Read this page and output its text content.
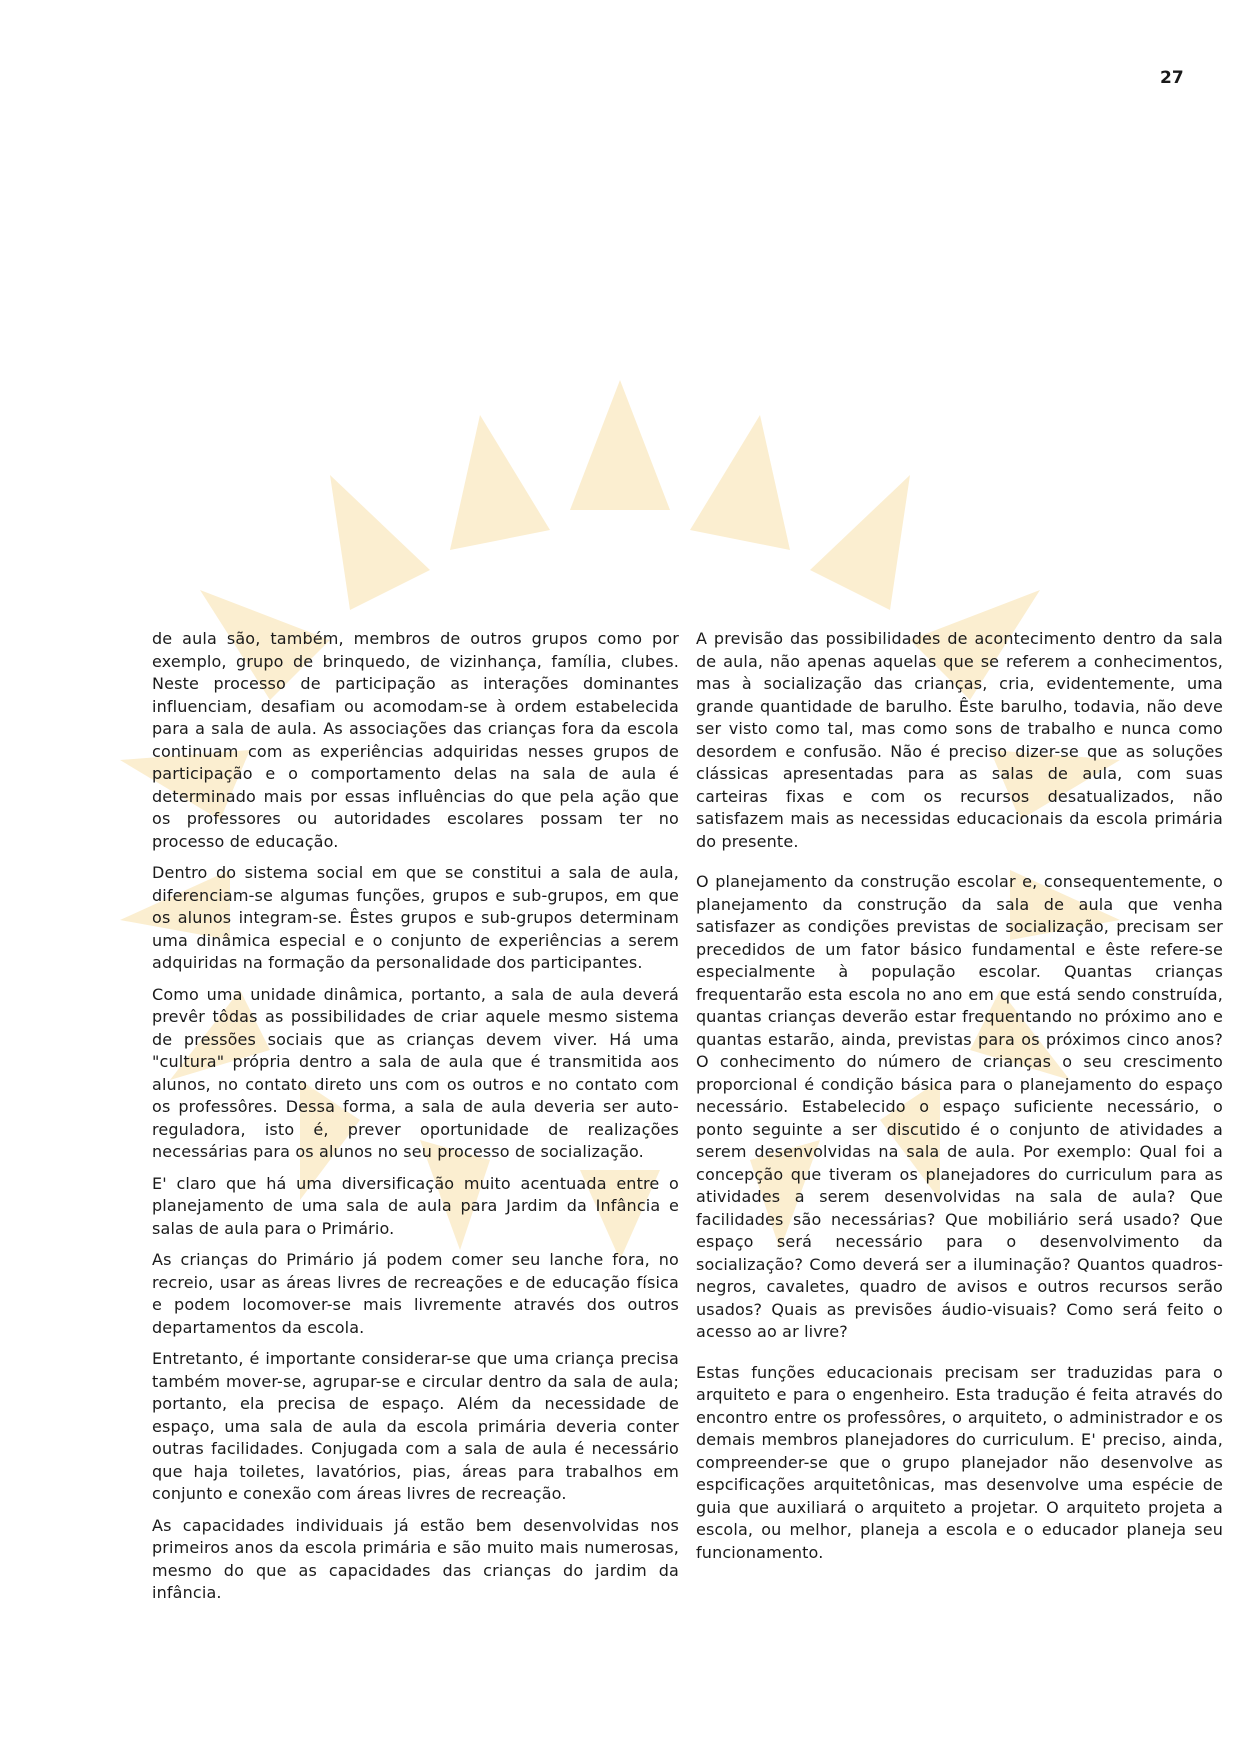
27

de aula são, também, membros de outros grupos como por exemplo, grupo de brinquedo, de vizinhança, família, clubes. Neste processo de participação as interações dominantes influenciam, desafiam ou acomodam-se à ordem estabelecida para a sala de aula. As associações das crianças fora da escola continuam com as experiências adquiridas nesses grupos de participação e o comportamento delas na sala de aula é determinado mais por essas influências do que pela ação que os professores ou autoridades escolares possam ter no processo de educação.

Dentro do sistema social em que se constitui a sala de aula, diferenciam-se algumas funções, grupos e sub-grupos, em que os alunos integram-se. Êstes grupos e sub-grupos determinam uma dinâmica especial e o conjunto de experiências a serem adquiridas na formação da personalidade dos participantes.

Como uma unidade dinâmica, portanto, a sala de aula deverá prevêr tôdas as possibilidades de criar aquele mesmo sistema de pressões sociais que as crianças devem viver. Há uma "cultura" própria dentro a sala de aula que é transmitida aos alunos, no contato direto uns com os outros e no contato com os professôres. Dessa forma, a sala de aula deveria ser auto-reguladora, isto é, prever oportunidade de realizações necessárias para os alunos no seu processo de socialização.

E' claro que há uma diversificação muito acentuada entre o planejamento de uma sala de aula para Jardim da Infância e salas de aula para o Primário.

As crianças do Primário já podem comer seu lanche fora, no recreio, usar as áreas livres de recreações e de educação física e podem locomover-se mais livremente através dos outros departamentos da escola.

Entretanto, é importante considerar-se que uma criança precisa também mover-se, agrupar-se e circular dentro da sala de aula; portanto, ela precisa de espaço. Além da necessidade de espaço, uma sala de aula da escola primária deveria conter outras facilidades. Conjugada com a sala de aula é necessário que haja toiletes, lavatórios, pias, áreas para trabalhos em conjunto e conexão com áreas livres de recreação.

As capacidades individuais já estão bem desenvolvidas nos primeiros anos da escola primária e são muito mais numerosas, mesmo do que as capacidades das crianças do jardim da infância.

A previsão das possibilidades de acontecimento dentro da sala de aula, não apenas aquelas que se referem a conhecimentos, mas à socialização das crianças, cria, evidentemente, uma grande quantidade de barulho. Êste barulho, todavia, não deve ser visto como tal, mas como sons de trabalho e nunca como desordem e confusão. Não é preciso dizer-se que as soluções clássicas apresentadas para as salas de aula, com suas carteiras fixas e com os recursos desatualizados, não satisfazem mais as necessidas educacionais da escola primária do presente.

O planejamento da construção escolar e, consequentemente, o planejamento da construção da sala de aula que venha satisfazer as condições previstas de socialização, precisam ser precedidos de um fator básico fundamental e êste refere-se especialmente à população escolar. Quantas crianças frequentarão esta escola no ano em que está sendo construída, quantas crianças deverão estar frequentando no próximo ano e quantas estarão, ainda, previstas para os próximos cinco anos? O conhecimento do número de crianças o seu crescimento proporcional é condição básica para o planejamento do espaço necessário. Estabelecido o espaço suficiente necessário, o ponto seguinte a ser discutido é o conjunto de atividades a serem desenvolvidas na sala de aula. Por exemplo: Qual foi a concepção que tiveram os planejadores do curriculum para as atividades a serem desenvolvidas na sala de aula? Que facilidades são necessárias? Que mobiliário será usado? Que espaço será necessário para o desenvolvimento da socialização? Como deverá ser a iluminação? Quantos quadros-negros, cavaletes, quadro de avisos e outros recursos serão usados? Quais as previsões áudio-visuais? Como será feito o acesso ao ar livre?

Estas funções educacionais precisam ser traduzidas para o arquiteto e para o engenheiro. Esta tradução é feita através do encontro entre os professôres, o arquiteto, o administrador e os demais membros planejadores do curriculum. E' preciso, ainda, compreender-se que o grupo planejador não desenvolve as espcificações arquitetônicas, mas desenvolve uma espécie de guia que auxiliará o arquiteto a projetar. O arquiteto projeta a escola, ou melhor, planeja a escola e o educador planeja seu funcionamento.
